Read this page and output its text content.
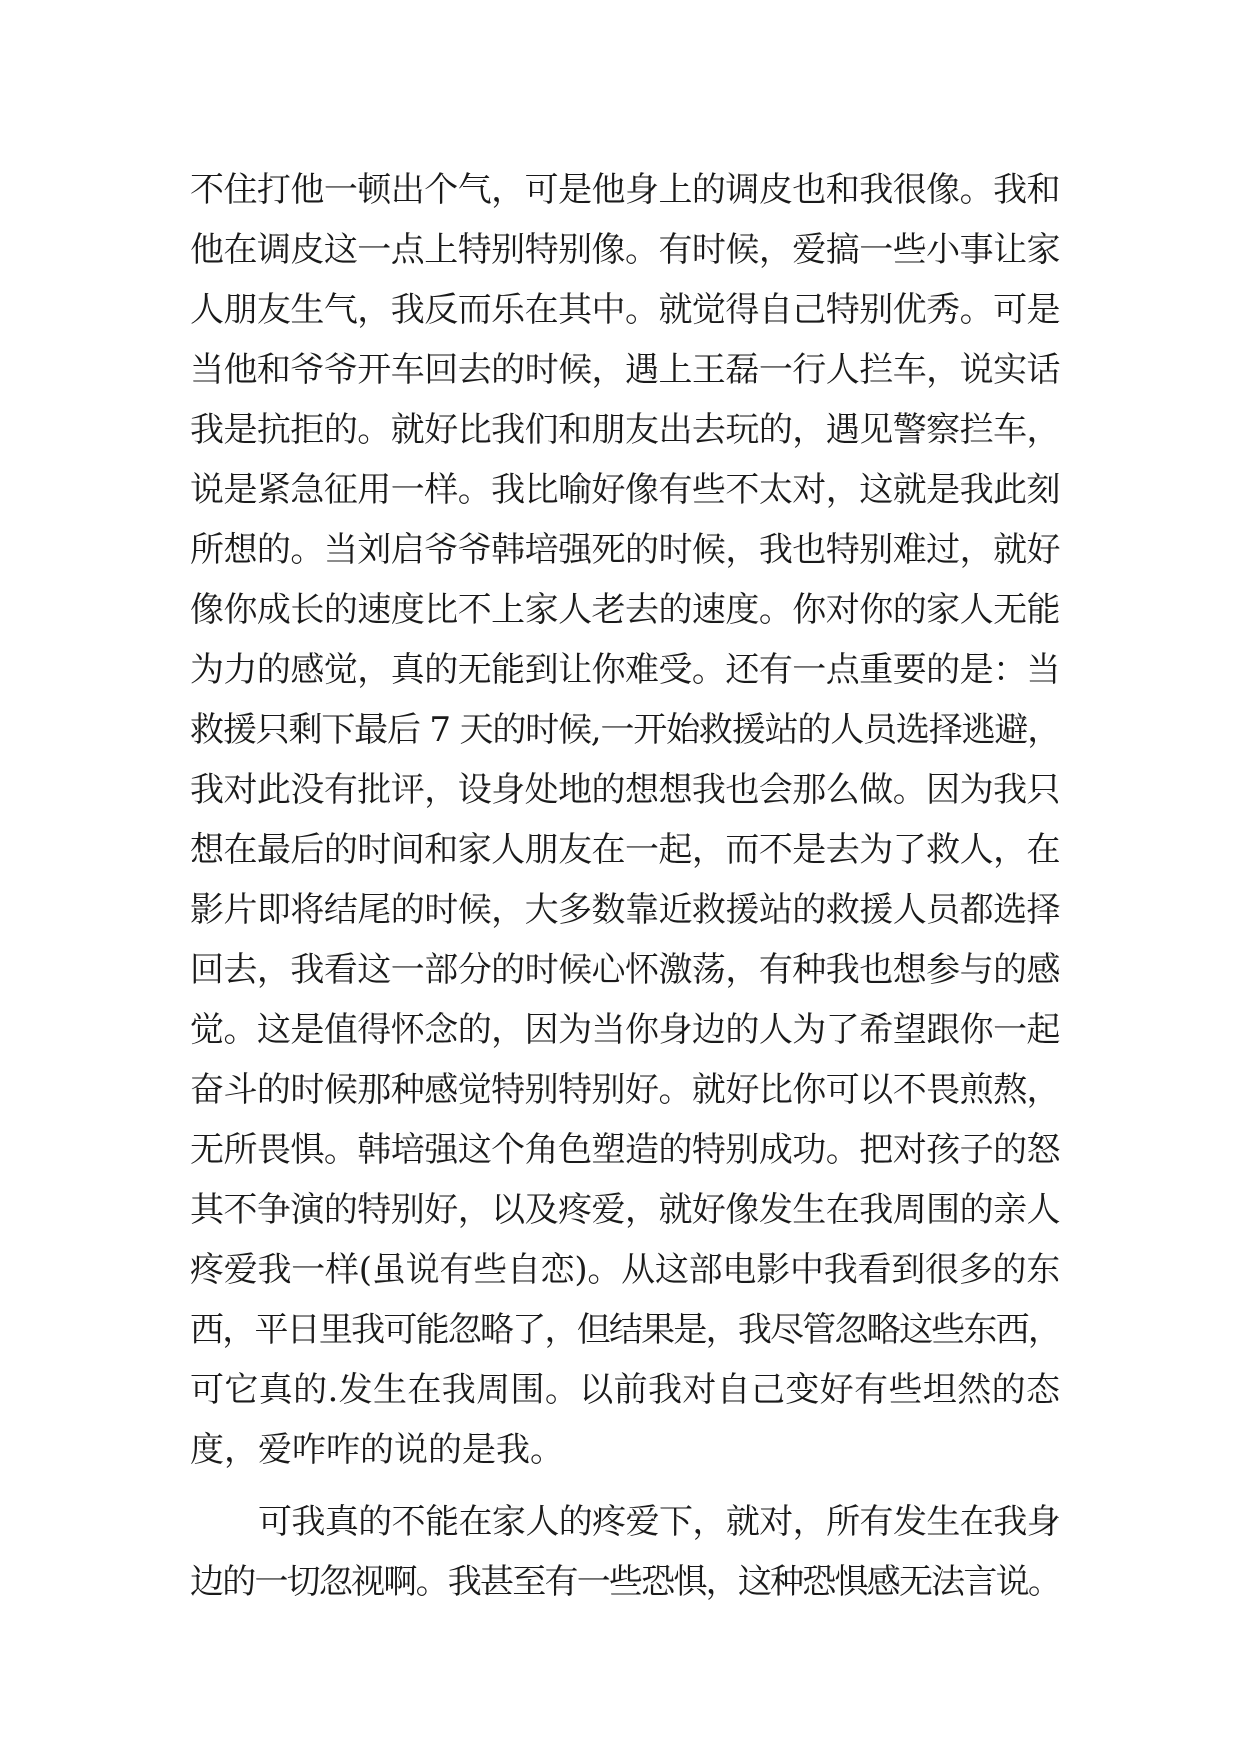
不住打他一顿出个气，可是他身上的调皮也和我很像。我和
他在调皮这一点上特别特别像。有时候，爱搞一些小事让家
人朋友生气，我反而乐在其中。就觉得自己特别优秀。可是
当他和爷爷开车回去的时候，遇上王磊一行人拦车，说实话
我是抗拒的。就好比我们和朋友出去玩的，遇见警察拦车，
说是紧急征用一样。我比喻好像有些不太对，这就是我此刻
所想的。当刘启爷爷韩培强死的时候，我也特别难过，就好
像你成长的速度比不上家人老去的速度。你对你的家人无能
为力的感觉，真的无能到让你难受。还有一点重要的是：当
救援只剩下最后 7 天的时候,一开始救援站的人员选择逃避，
我对此没有批评，设身处地的想想我也会那么做。因为我只
想在最后的时间和家人朋友在一起，而不是去为了救人，在
影片即将结尾的时候，大多数靠近救援站的救援人员都选择
回去，我看这一部分的时候心怀激荡，有种我也想参与的感
觉。这是值得怀念的，因为当你身边的人为了希望跟你一起
奋斗的时候那种感觉特别特别好。就好比你可以不畏煎熬，
无所畏惧。韩培强这个角色塑造的特别成功。把对孩子的怒
其不争演的特别好，以及疼爱，就好像发生在我周围的亲人
疼爱我一样(虽说有些自恋)。从这部电影中我看到很多的东
西，平日里我可能忽略了，但结果是，我尽管忽略这些东西，
可它真的.发生在我周围。以前我对自己变好有些坦然的态
度，爱咋咋的说的是我。
可我真的不能在家人的疼爱下，就对，所有发生在我身
边的一切忽视啊。我甚至有一些恐惧，这种恐惧感无法言说。
